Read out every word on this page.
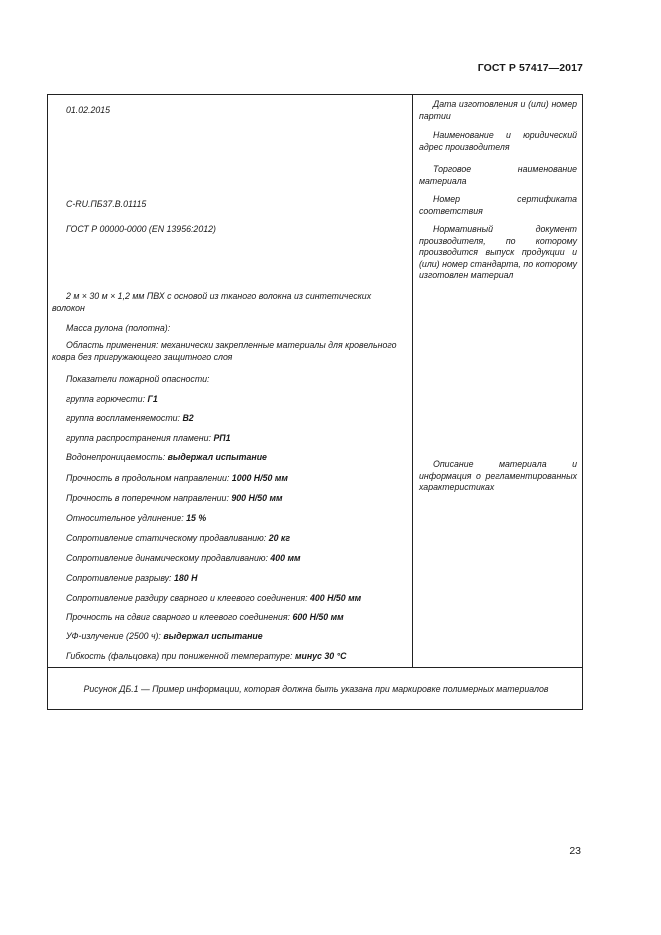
ГОСТ Р 57417—2017
01.02.2015
C-RU.ПБ37.В.01115
ГОСТ Р 00000-0000 (EN 13956:2012)
2 м × 30 м × 1,2 мм ПВХ с основой из тканого волокна из синтетических волокон
Масса рулона (полотна):
Область применения: механически закрепленные материалы для кровельного ковра без пригружающего защитного слоя
Показатели пожарной опасности:
группа горючести: Г1
группа воспламеняемости: В2
группа распространения пламени: РП1
Водонепроницаемость: выдержал испытание
Прочность в продольном направлении: 1000 Н/50 мм
Прочность в поперечном направлении: 900 Н/50 мм
Относительное удлинение: 15 %
Сопротивление статическому продавливанию: 20 кг
Сопротивление динамическому продавливанию: 400 мм
Сопротивление разрыву: 180 Н
Сопротивление раздиру сварного и клеевого соединения: 400 Н/50 мм
Прочность на сдвиг сварного и клеевого соединения: 600 Н/50 мм
УФ-излучение (2500 ч): выдержал испытание
Гибкость (фальцовка) при пониженной температуре: минус 30 °С
Дата изготовления и (или) номер партии
Наименование и юридический адрес производителя
Торговое наименование материала
Номер сертификата соответствия
Нормативный документ производителя, по которому производится выпуск продукции и (или) номер стандарта, по которому изготовлен материал
Описание материала и информация о регламентированных характеристиках
Рисунок ДБ.1 — Пример информации, которая должна быть указана при маркировке полимерных материалов
23
